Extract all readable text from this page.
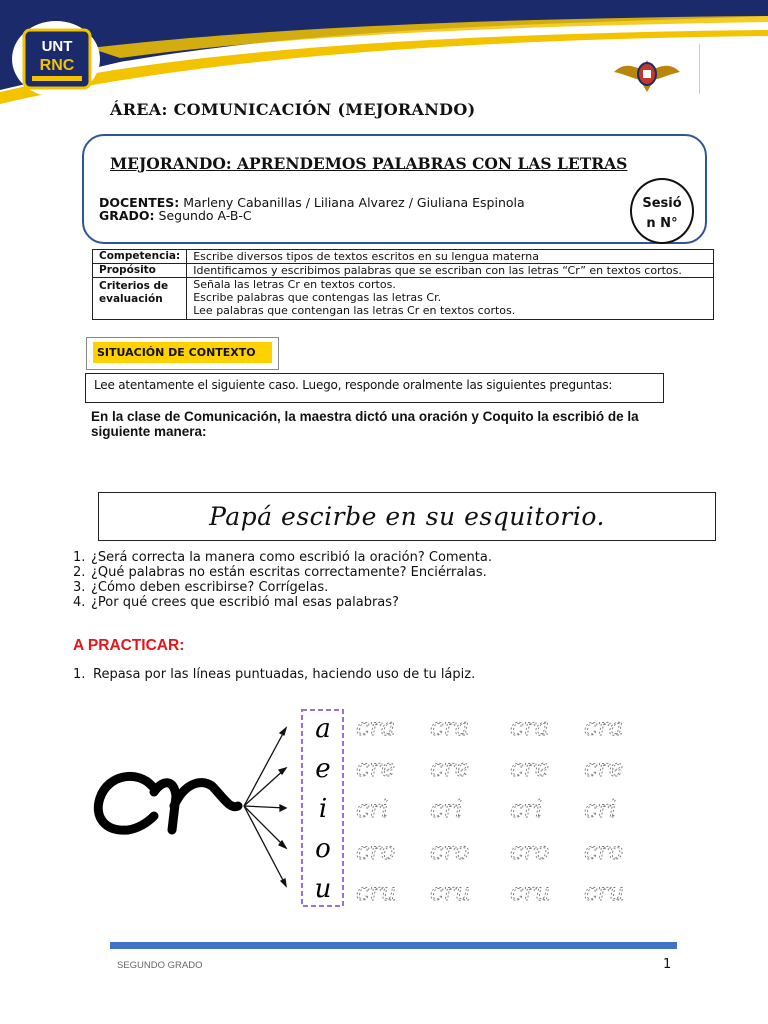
UNT
RNC
ÁREA: COMUNICACIÓN (MEJORANDO)
MEJORANDO: APRENDEMOS PALABRAS CON LAS LETRAS
DOCENTES: Marleny Cabanillas / Liliana Alvarez / Giuliana Espinola
GRADO: Segundo A-B-C
Sesió
n N°
Competencia:	Escribe diversos tipos de textos escritos en su lengua materna
Propósito	Identificamos y escribimos palabras que se escriban con las letras “Cr” en textos cortos.
Criterios de evaluación	Señala las letras Cr en textos cortos.
Escribe palabras que contengas las letras Cr.
Lee palabras que contengan las letras Cr en textos cortos.
SITUACIÓN DE CONTEXTO
Lee atentamente el siguiente caso. Luego, responde oralmente las siguientes preguntas:
En la clase de Comunicación, la maestra dictó una oración y Coquito la escribió de la siguiente manera:
Papá escirbe en su esquitorio.
1. ¿Será correcta la manera como escribió la oración? Comenta.
2. ¿Qué palabras no están escritas correctamente? Enciérralas.
3. ¿Cómo deben escribirse? Corrígelas.
4. ¿Por qué crees que escribió mal esas palabras?
A PRACTICAR:
1. Repasa por las líneas puntuadas, haciendo uso de tu lápiz.
a
e
i
o
u
cra cra cra cra
cre cre cre cre
cri cri cri cri
cro cro cro cro
cru cru cru cru
SEGUNDO GRADO	1
